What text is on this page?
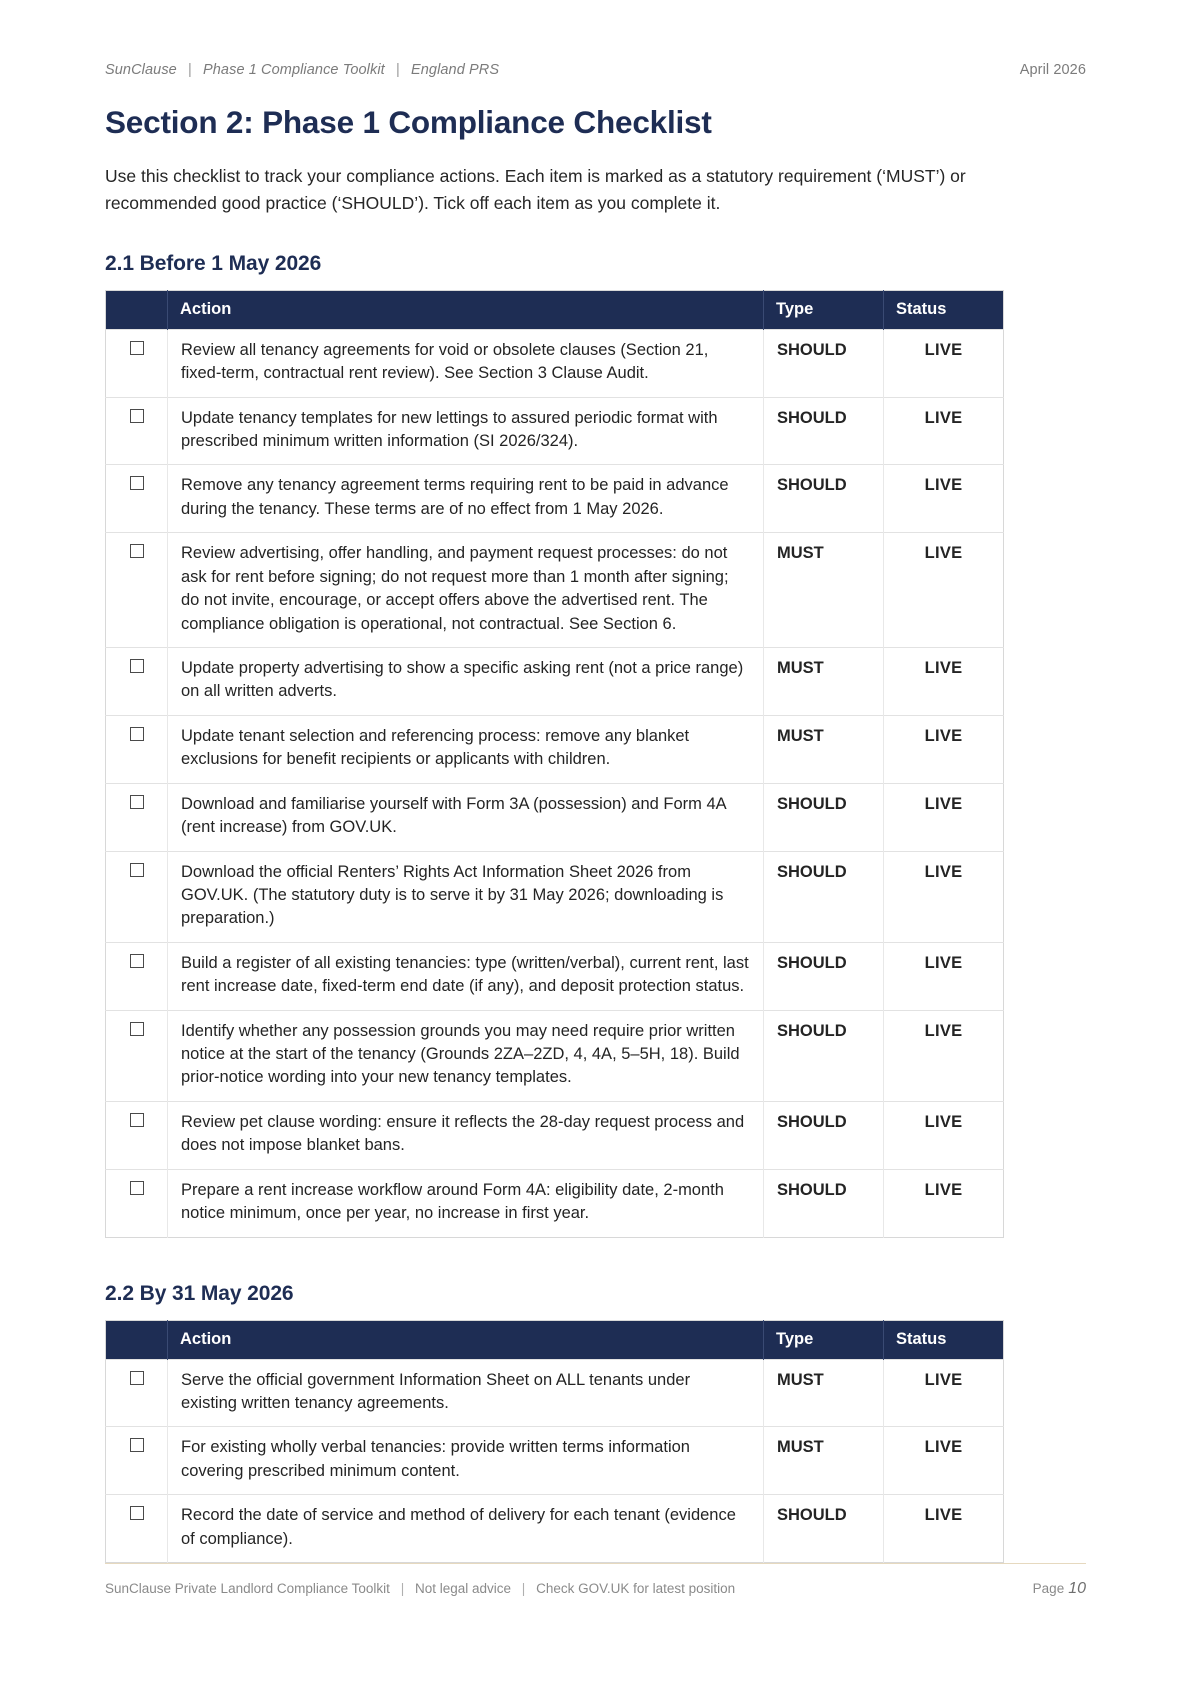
SunClause | Phase 1 Compliance Toolkit | England PRS	April 2026
Section 2: Phase 1 Compliance Checklist

Use this checklist to track your compliance actions. Each item is marked as a statutory requirement (‘MUST’) or recommended good practice (‘SHOULD’). Tick off each item as you complete it.

2.1 Before 1 May 2026
	Action	Type	Status
	Review all tenancy agreements for void or obsolete clauses (Section 21, fixed-term, contractual rent review). See Section 3 Clause Audit.	SHOULD	LIVE
	Update tenancy templates for new lettings to assured periodic format with prescribed minimum written information (SI 2026/324).	SHOULD	LIVE
	Remove any tenancy agreement terms requiring rent to be paid in advance during the tenancy. These terms are of no effect from 1 May 2026.	SHOULD	LIVE
	Review advertising, offer handling, and payment request processes: do not ask for rent before signing; do not request more than 1 month after signing; do not invite, encourage, or accept offers above the advertised rent. The compliance obligation is operational, not contractual. See Section 6.	MUST	LIVE
	Update property advertising to show a specific asking rent (not a price range) on all written adverts.	MUST	LIVE
	Update tenant selection and referencing process: remove any blanket exclusions for benefit recipients or applicants with children.	MUST	LIVE
	Download and familiarise yourself with Form 3A (possession) and Form 4A (rent increase) from GOV.UK.	SHOULD	LIVE
	Download the official Renters’ Rights Act Information Sheet 2026 from GOV.UK. (The statutory duty is to serve it by 31 May 2026; downloading is preparation.)	SHOULD	LIVE
	Build a register of all existing tenancies: type (written/verbal), current rent, last rent increase date, fixed-term end date (if any), and deposit protection status.	SHOULD	LIVE
	Identify whether any possession grounds you may need require prior written notice at the start of the tenancy (Grounds 2ZA–2ZD, 4, 4A, 5–5H, 18). Build prior-notice wording into your new tenancy templates.	SHOULD	LIVE
	Review pet clause wording: ensure it reflects the 28-day request process and does not impose blanket bans.	SHOULD	LIVE
	Prepare a rent increase workflow around Form 4A: eligibility date, 2-month notice minimum, once per year, no increase in first year.	SHOULD	LIVE
2.2 By 31 May 2026
	Action	Type	Status
	Serve the official government Information Sheet on ALL tenants under existing written tenancy agreements.	MUST	LIVE
	For existing wholly verbal tenancies: provide written terms information covering prescribed minimum content.	MUST	LIVE
	Record the date of service and method of delivery for each tenant (evidence of compliance).	SHOULD	LIVE
SunClause Private Landlord Compliance Toolkit | Not legal advice | Check GOV.UK for latest position	Page 10
